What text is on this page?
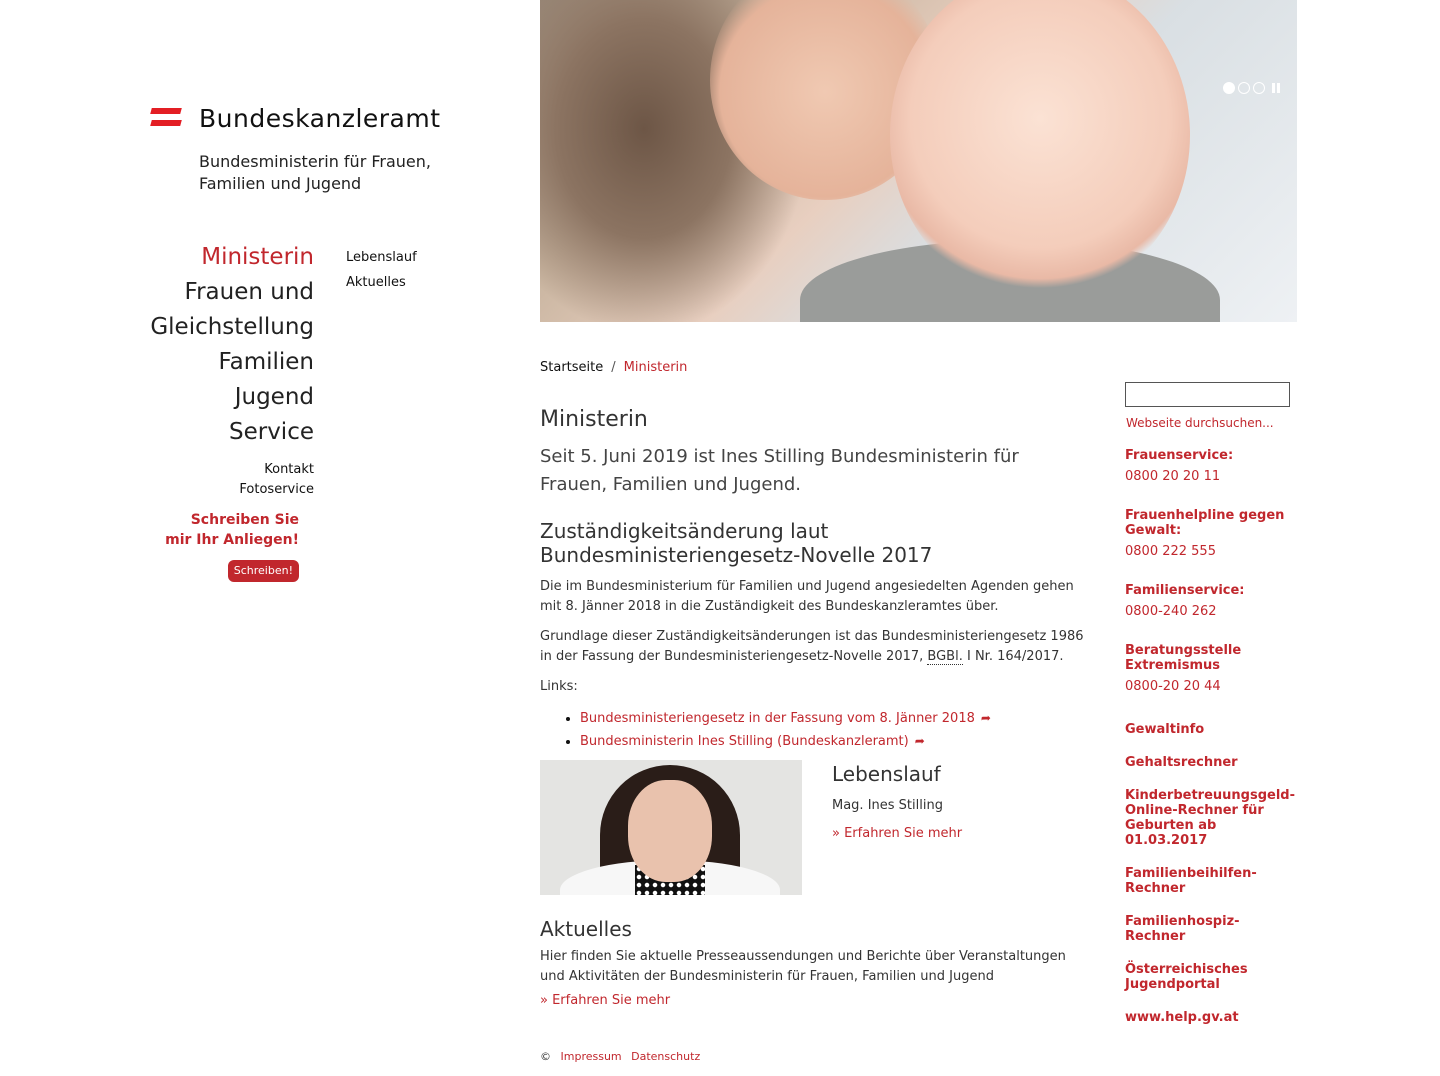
Bundeskanzleramt
Bundesministerin für Frauen, Familien und Jugend
Ministerin
Frauen und
Gleichstellung
Familien
Jugend
Service
Kontakt
Fotoservice
Schreiben Sie
mir Ihr Anliegen!
Schreiben!
Lebenslauf
Aktuelles
Startseite / Ministerin
Ministerin
Seit 5. Juni 2019 ist Ines Stilling Bundesministerin für Frauen, Familien und Jugend.
Zuständigkeitsänderung laut Bundesministeriengesetz-Novelle 2017

Die im Bundesministerium für Familien und Jugend angesiedelten Agenden gehen mit 8. Jänner 2018 in die Zuständigkeit des Bundeskanzleramtes über.

Grundlage dieser Zuständigkeitsänderungen ist das Bundesministeriengesetz 1986 in der Fassung der Bundesministeriengesetz-Novelle 2017, BGBl. I Nr. 164/2017.

Links:

• Bundesministeriengesetz in der Fassung vom 8. Jänner 2018 ➦
• Bundesministerin Ines Stilling (Bundeskanzleramt) ➦
Lebenslauf

Mag. Ines Stilling

» Erfahren Sie mehr

Aktuelles

Hier finden Sie aktuelle Presseaussendungen und Berichte über Veranstaltungen und Aktivitäten der Bundesministerin für Frauen, Familien und Jugend

» Erfahren Sie mehr

© Impressum Datenschutz
Webseite durchsuchen...
Frauenservice:
0800 20 20 11
Frauenhelpline gegen Gewalt:
0800 222 555
Familienservice:
0800-240 262
Beratungsstelle Extremismus
0800-20 20 44
Gewaltinfo
Gehaltsrechner
Kinderbetreuungsgeld-Online-Rechner für Geburten ab 01.03.2017
Familienbeihilfen-Rechner
Familienhospiz-Rechner
Österreichisches Jugendportal
www.help.gv.at
